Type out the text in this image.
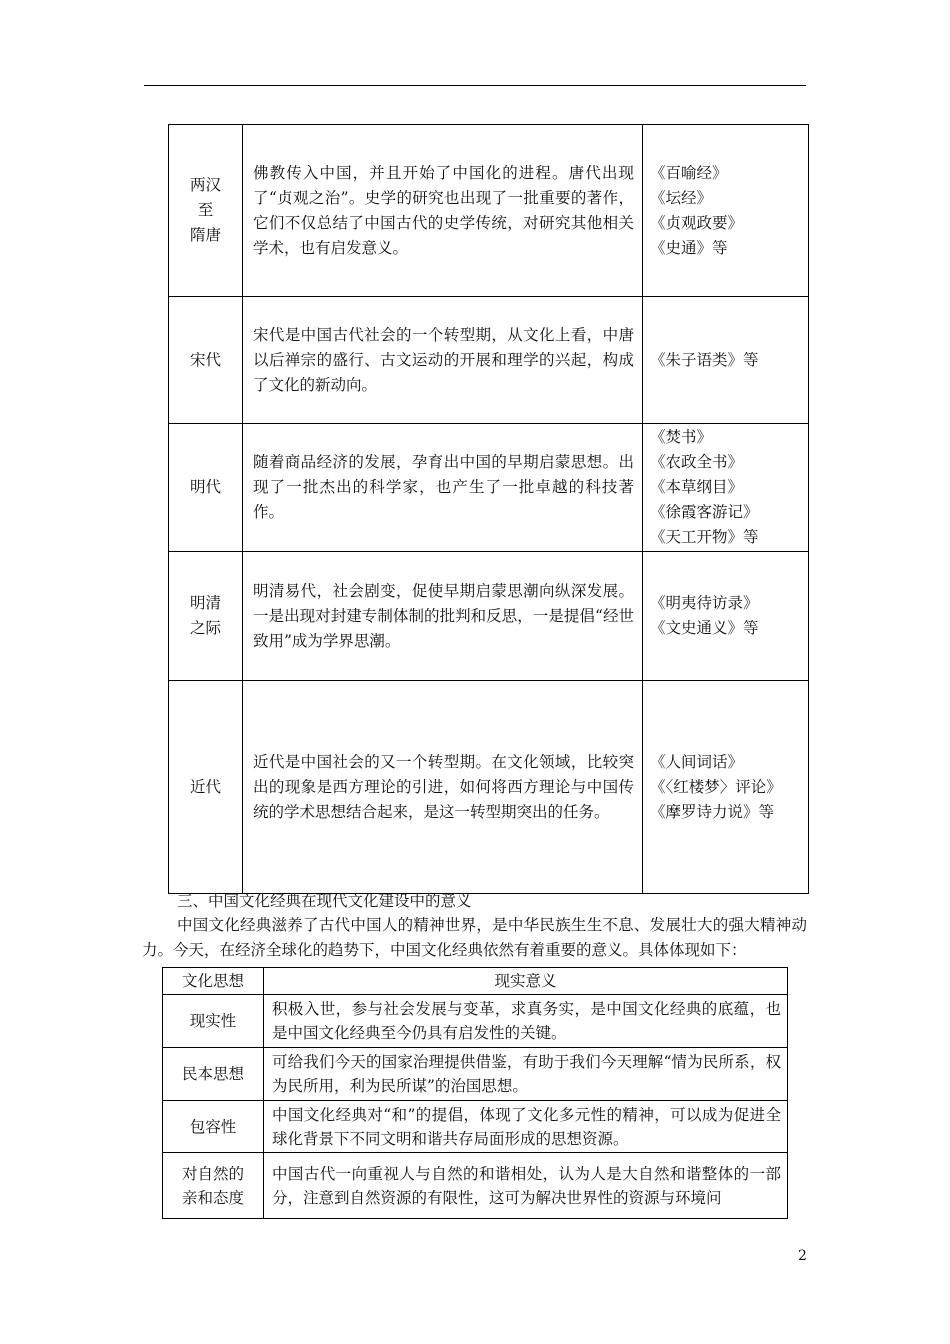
两汉
至
隋唐	佛教传入中国，并且开始了中国化的进程。唐代出现了“贞观之治”。史学的研究也出现了一批重要的著作，它们不仅总结了中国古代的史学传统，对研究其他相关学术，也有启发意义。	《百喻经》
《坛经》
《贞观政要》
《史通》等

宋代	宋代是中国古代社会的一个转型期，从文化上看，中唐以后禅宗的盛行、古文运动的开展和理学的兴起，构成了文化的新动向。	《朱子语类》等

明代	随着商品经济的发展，孕育出中国的早期启蒙思想。出现了一批杰出的科学家，也产生了一批卓越的科技著作。	《焚书》
《农政全书》
《本草纲目》
《徐霞客游记》
《天工开物》等

明清
之际	明清易代，社会剧变，促使早期启蒙思潮向纵深发展。一是出现对封建专制体制的批判和反思，一是提倡“经世致用”成为学界思潮。	《明夷待访录》
《文史通义》等

近代	近代是中国社会的又一个转型期。在文化领域，比较突出的现象是西方理论的引进，如何将西方理论与中国传统的学术思想结合起来，是这一转型期突出的任务。	《人间词话》
《〈红楼梦〉评论》
《摩罗诗力说》等
三、中国文化经典在现代文化建设中的意义
中国文化经典滋养了古代中国人的精神世界，是中华民族生生不息、发展壮大的强大精神动力。今天，在经济全球化的趋势下，中国文化经典依然有着重要的意义。具体体现如下：
文化思想	现实意义
现实性	积极入世，参与社会发展与变革，求真务实，是中国文化经典的底蕴，也是中国文化经典至今仍具有启发性的关键。
民本思想	可给我们今天的国家治理提供借鉴，有助于我们今天理解“情为民所系，权为民所用，利为民所谋”的治国思想。
包容性	中国文化经典对“和”的提倡，体现了文化多元性的精神，可以成为促进全球化背景下不同文明和谐共存局面形成的思想资源。

对自然的
亲和态度	中国古代一向重视人与自然的和谐相处，认为人是大自然和谐整体的一部分，注意到自然资源的有限性，这可为解决世界性的资源与环境问
2
